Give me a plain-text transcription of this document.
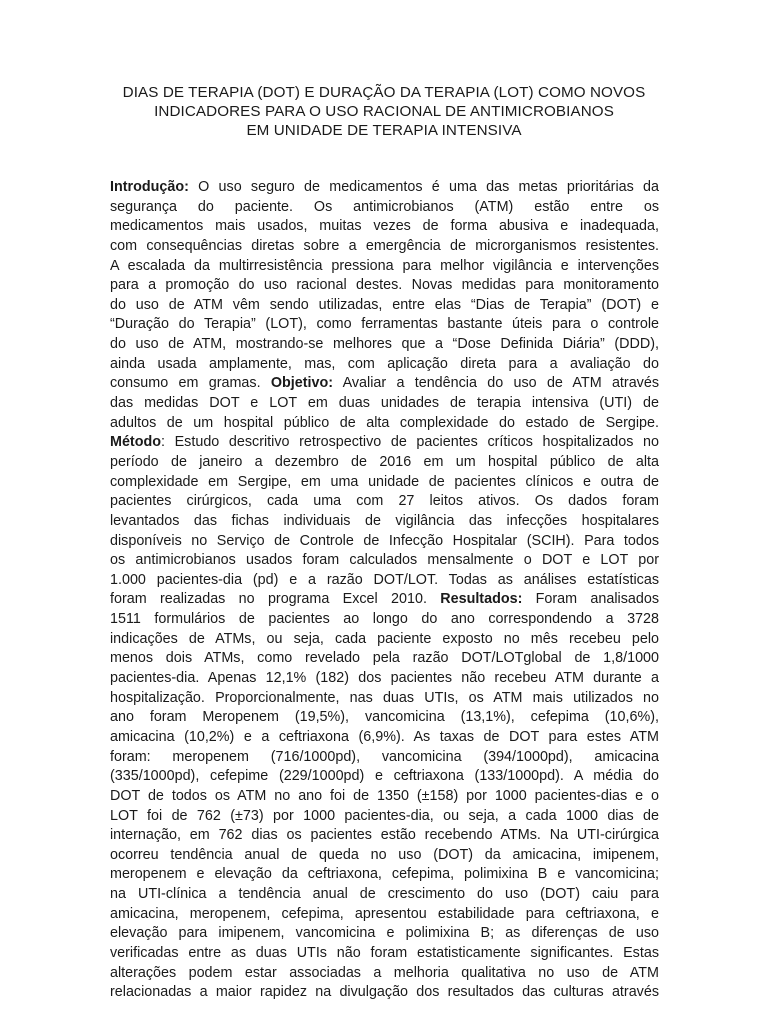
DIAS DE TERAPIA (DOT) E DURAÇÃO DA TERAPIA (LOT) COMO NOVOS
INDICADORES PARA O USO RACIONAL DE ANTIMICROBIANOS
EM UNIDADE DE TERAPIA INTENSIVA
Introdução: O uso seguro de medicamentos é uma das metas prioritárias da
segurança do paciente. Os antimicrobianos (ATM) estão entre os
medicamentos mais usados, muitas vezes de forma abusiva e inadequada,
com consequências diretas sobre a emergência de microrganismos resistentes.
A escalada da multirresistência pressiona para melhor vigilância e intervenções
para a promoção do uso racional destes. Novas medidas para monitoramento
do uso de ATM vêm sendo utilizadas, entre elas “Dias de Terapia” (DOT) e
“Duração do Terapia” (LOT), como ferramentas bastante úteis para o controle
do uso de ATM, mostrando-se melhores que a “Dose Definida Diária” (DDD),
ainda usada amplamente, mas, com aplicação direta para a avaliação do
consumo em gramas. Objetivo: Avaliar a tendência do uso de ATM através
das medidas DOT e LOT em duas unidades de terapia intensiva (UTI) de
adultos de um hospital público de alta complexidade do estado de Sergipe.
Método: Estudo descritivo retrospectivo de pacientes críticos hospitalizados no
período de janeiro a dezembro de 2016 em um hospital público de alta
complexidade em Sergipe, em uma unidade de pacientes clínicos e outra de
pacientes cirúrgicos, cada uma com 27 leitos ativos. Os dados foram
levantados das fichas individuais de vigilância das infecções hospitalares
disponíveis no Serviço de Controle de Infecção Hospitalar (SCIH). Para todos
os antimicrobianos usados foram calculados mensalmente o DOT e LOT por
1.000 pacientes-dia (pd) e a razão DOT/LOT. Todas as análises estatísticas
foram realizadas no programa Excel 2010. Resultados: Foram analisados
1511 formulários de pacientes ao longo do ano correspondendo a 3728
indicações de ATMs, ou seja, cada paciente exposto no mês recebeu pelo
menos dois ATMs, como revelado pela razão DOT/LOTglobal de 1,8/1000
pacientes-dia. Apenas 12,1% (182) dos pacientes não recebeu ATM durante a
hospitalização. Proporcionalmente, nas duas UTIs, os ATM mais utilizados no
ano foram Meropenem (19,5%), vancomicina (13,1%), cefepima (10,6%),
amicacina (10,2%) e a ceftriaxona (6,9%). As taxas de DOT para estes ATM
foram: meropenem (716/1000pd), vancomicina (394/1000pd), amicacina
(335/1000pd), cefepime (229/1000pd) e ceftriaxona (133/1000pd). A média do
DOT de todos os ATM no ano foi de 1350 (±158) por 1000 pacientes-dias e o
LOT foi de 762 (±73) por 1000 pacientes-dia, ou seja, a cada 1000 dias de
internação, em 762 dias os pacientes estão recebendo ATMs. Na UTI-cirúrgica
ocorreu tendência anual de queda no uso (DOT) da amicacina, imipenem,
meropenem e elevação da ceftriaxona, cefepima, polimixina B e vancomicina;
na UTI-clínica a tendência anual de crescimento do uso (DOT) caiu para
amicacina, meropenem, cefepima, apresentou estabilidade para ceftriaxona, e
elevação para imipenem, vancomicina e polimixina B; as diferenças de uso
verificadas entre as duas UTIs não foram estatisticamente significantes. Estas
alterações podem estar associadas a melhoria qualitativa no uso de ATM
relacionadas a maior rapidez na divulgação dos resultados das culturas através
